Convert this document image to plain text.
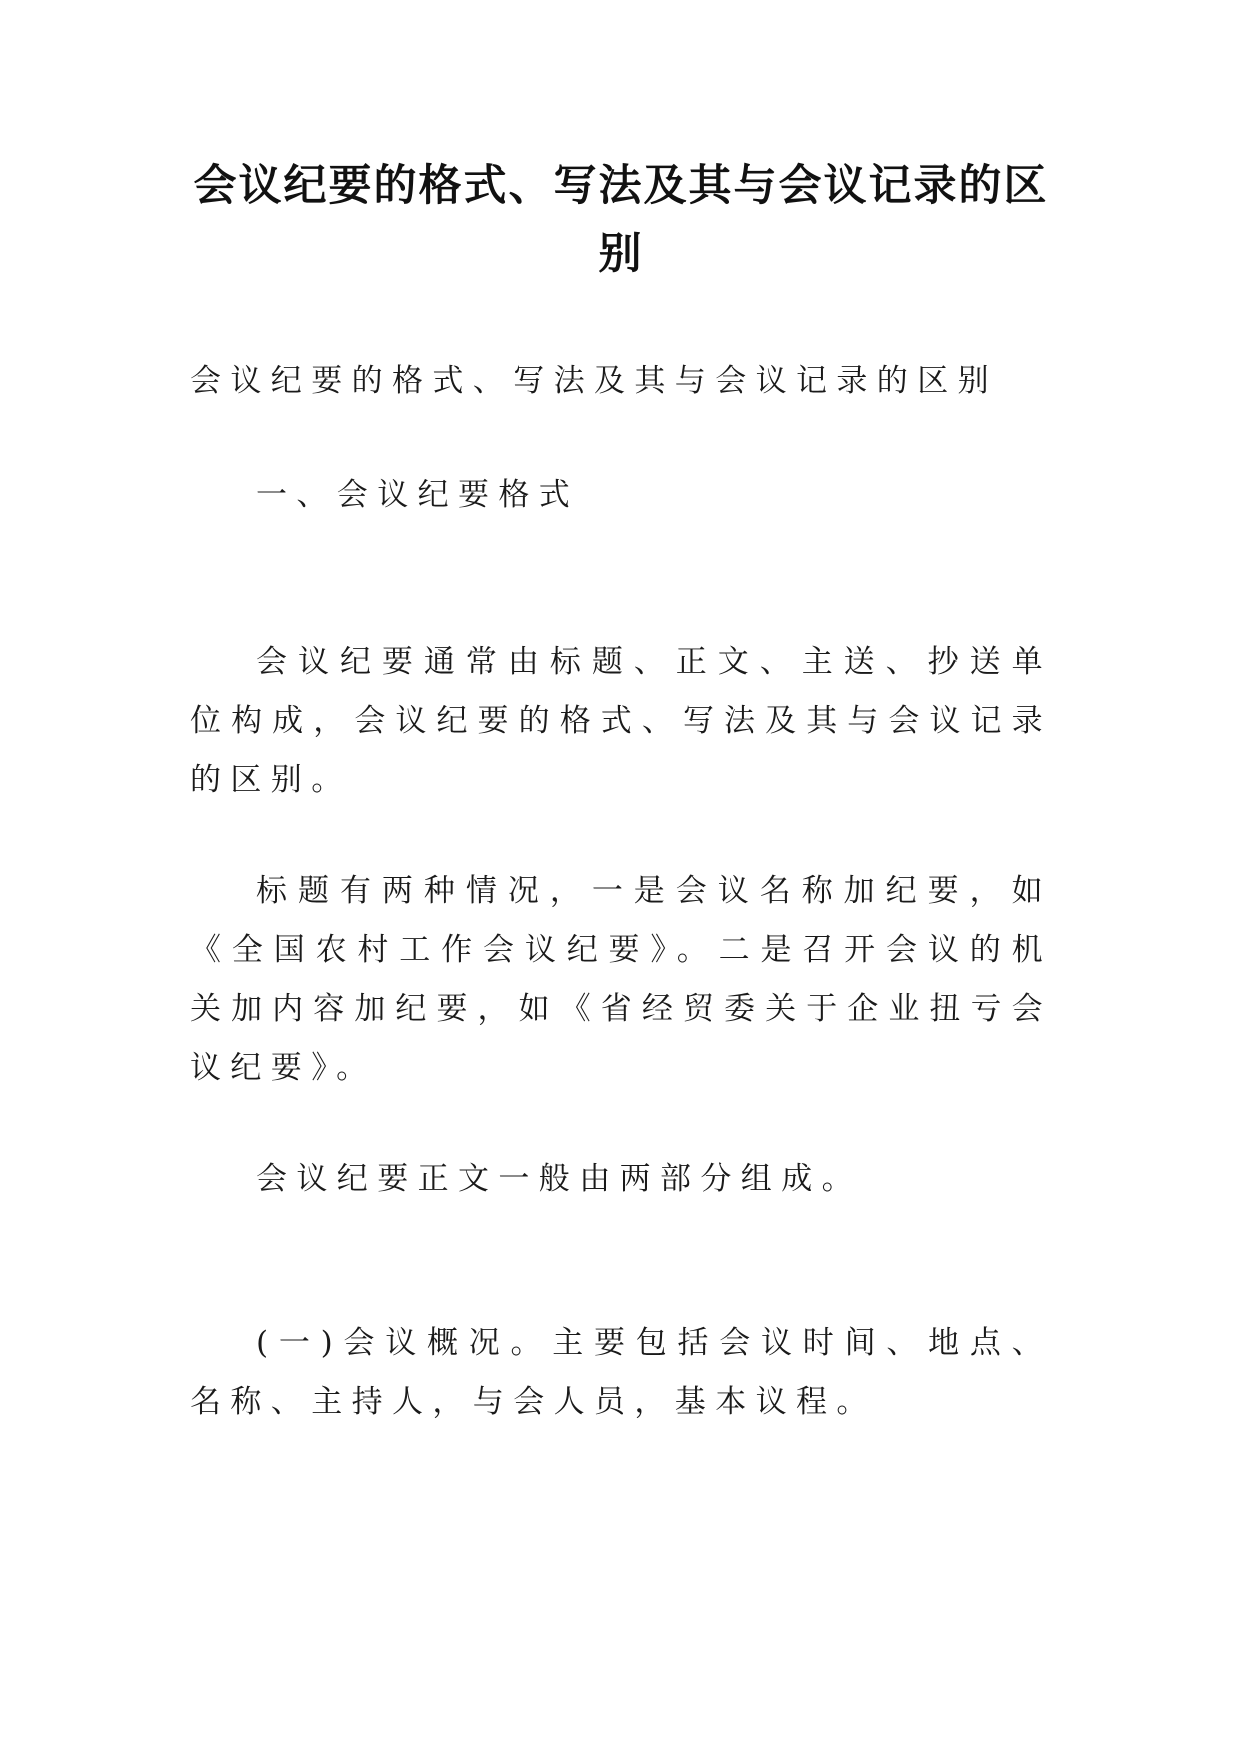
会议纪要的格式、写法及其与会议记录的区别

会议纪要的格式、写法及其与会议记录的区别

一、会议纪要格式

会议纪要通常由标题、正文、主送、抄送单位构成，会议纪要的格式、写法及其与会议记录的区别。

标题有两种情况，一是会议名称加纪要，如《全国农村工作会议纪要》。二是召开会议的机关加内容加纪要，如《省经贸委关于企业扭亏会议纪要》。

会议纪要正文一般由两部分组成。

(一)会议概况。主要包括会议时间、地点、名称、主持人，与会人员，基本议程。
